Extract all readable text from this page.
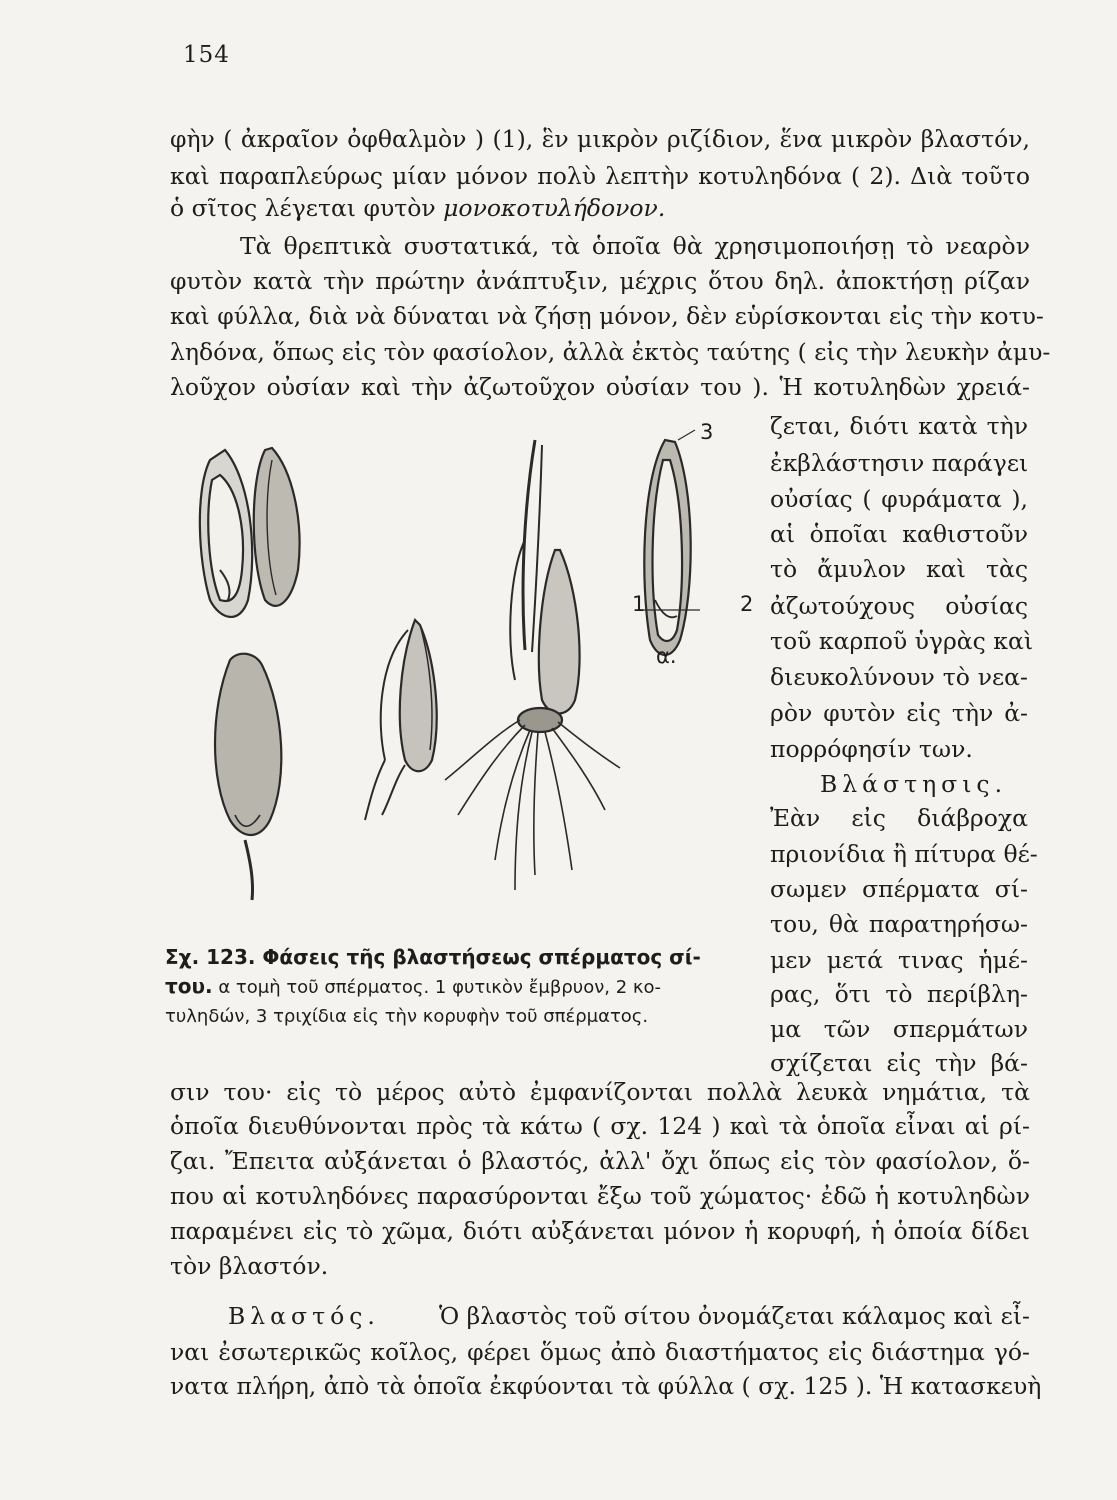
154
φὴν ( ἀκραῖον ὀφθαλμὸν ) (1), ἓν μικρὸν ριζίδιον, ἕνα μικρὸν βλαστόν,
καὶ παραπλεύρως μίαν μόνον πολὺ λεπτὴν κοτυληδόνα ( 2). Διὰ τοῦτο
ὁ σῖτος λέγεται φυτὸν μονοκοτυλήδονον.
Τὰ θρεπτικὰ συστατικά, τὰ ὁποῖα θὰ χρησιμοποιήσῃ τὸ νεαρὸν
φυτὸν κατὰ τὴν πρώτην ἀνάπτυξιν, μέχρις ὅτου δηλ. ἀποκτήσῃ ρίζαν
καὶ φύλλα, διὰ νὰ δύναται νὰ ζήσῃ μόνον, δὲν εὑρίσκονται εἰς τὴν κοτυ-
ληδόνα, ὅπως εἰς τὸν φασίολον, ἀλλὰ ἐκτὸς ταύτης ( εἰς τὴν λευκὴν ἀμυ-
λοῦχον οὐσίαν καὶ τὴν ἀζωτοῦχον οὐσίαν του ). Ἡ κοτυληδὼν χρειά-
ζεται, διότι κατὰ τὴν
ἐκβλάστησιν παράγει
οὐσίας ( φυράματα ),
αἱ ὁποῖαι καθιστοῦν
τὸ ἄμυλον καὶ τὰς
ἀζωτούχους οὐσίας
τοῦ καρποῦ ὑγρὰς καὶ
διευκολύνουν τὸ νεα-
ρὸν φυτὸν εἰς τὴν ἀ-
πορρόφησίν των.
Βλάστησις.
Ἐὰν εἰς διάβροχα
πριονίδια ἢ πίτυρα θέ-
σωμεν σπέρματα σί-
του, θὰ παρατηρήσω-
μεν μετά τινας ἡμέ-
ρας, ὅτι τὸ περίβλη-
μα τῶν σπερμάτων
σχίζεται εἰς τὴν βά-
1	2
3
α.
Σχ. 123. Φάσεις τῆς βλαστήσεως σπέρματος σί-
του. α τομὴ τοῦ σπέρματος. 1 φυτικὸν ἔμβρυον, 2 κο-
τυληδών, 3 τριχίδια εἰς τὴν κορυφὴν τοῦ σπέρματος.
σιν του· εἰς τὸ μέρος αὐτὸ ἐμφανίζονται πολλὰ λευκὰ νημάτια, τὰ
ὁποῖα διευθύνονται πρὸς τὰ κάτω ( σχ. 124 ) καὶ τὰ ὁποῖα εἶναι αἱ ρί-
ζαι. Ἔπειτα αὐξάνεται ὁ βλαστός, ἀλλ' ὄχι ὅπως εἰς τὸν φασίολον, ὅ-
που αἱ κοτυληδόνες παρασύρονται ἔξω τοῦ χώματος· ἐδῶ ἡ κοτυληδὼν
παραμένει εἰς τὸ χῶμα, διότι αὐξάνεται μόνον ἡ κορυφή, ἡ ὁποία δίδει
τὸν βλαστόν.
Βλαστός.	Ὁ βλαστὸς τοῦ σίτου ὀνομάζεται κάλαμος καὶ εἶ-
ναι ἐσωτερικῶς κοῖλος, φέρει ὅμως ἀπὸ διαστήματος εἰς διάστημα γό-
νατα πλήρη, ἀπὸ τὰ ὁποῖα ἐκφύονται τὰ φύλλα ( σχ. 125 ). Ἡ κατασκευὴ
